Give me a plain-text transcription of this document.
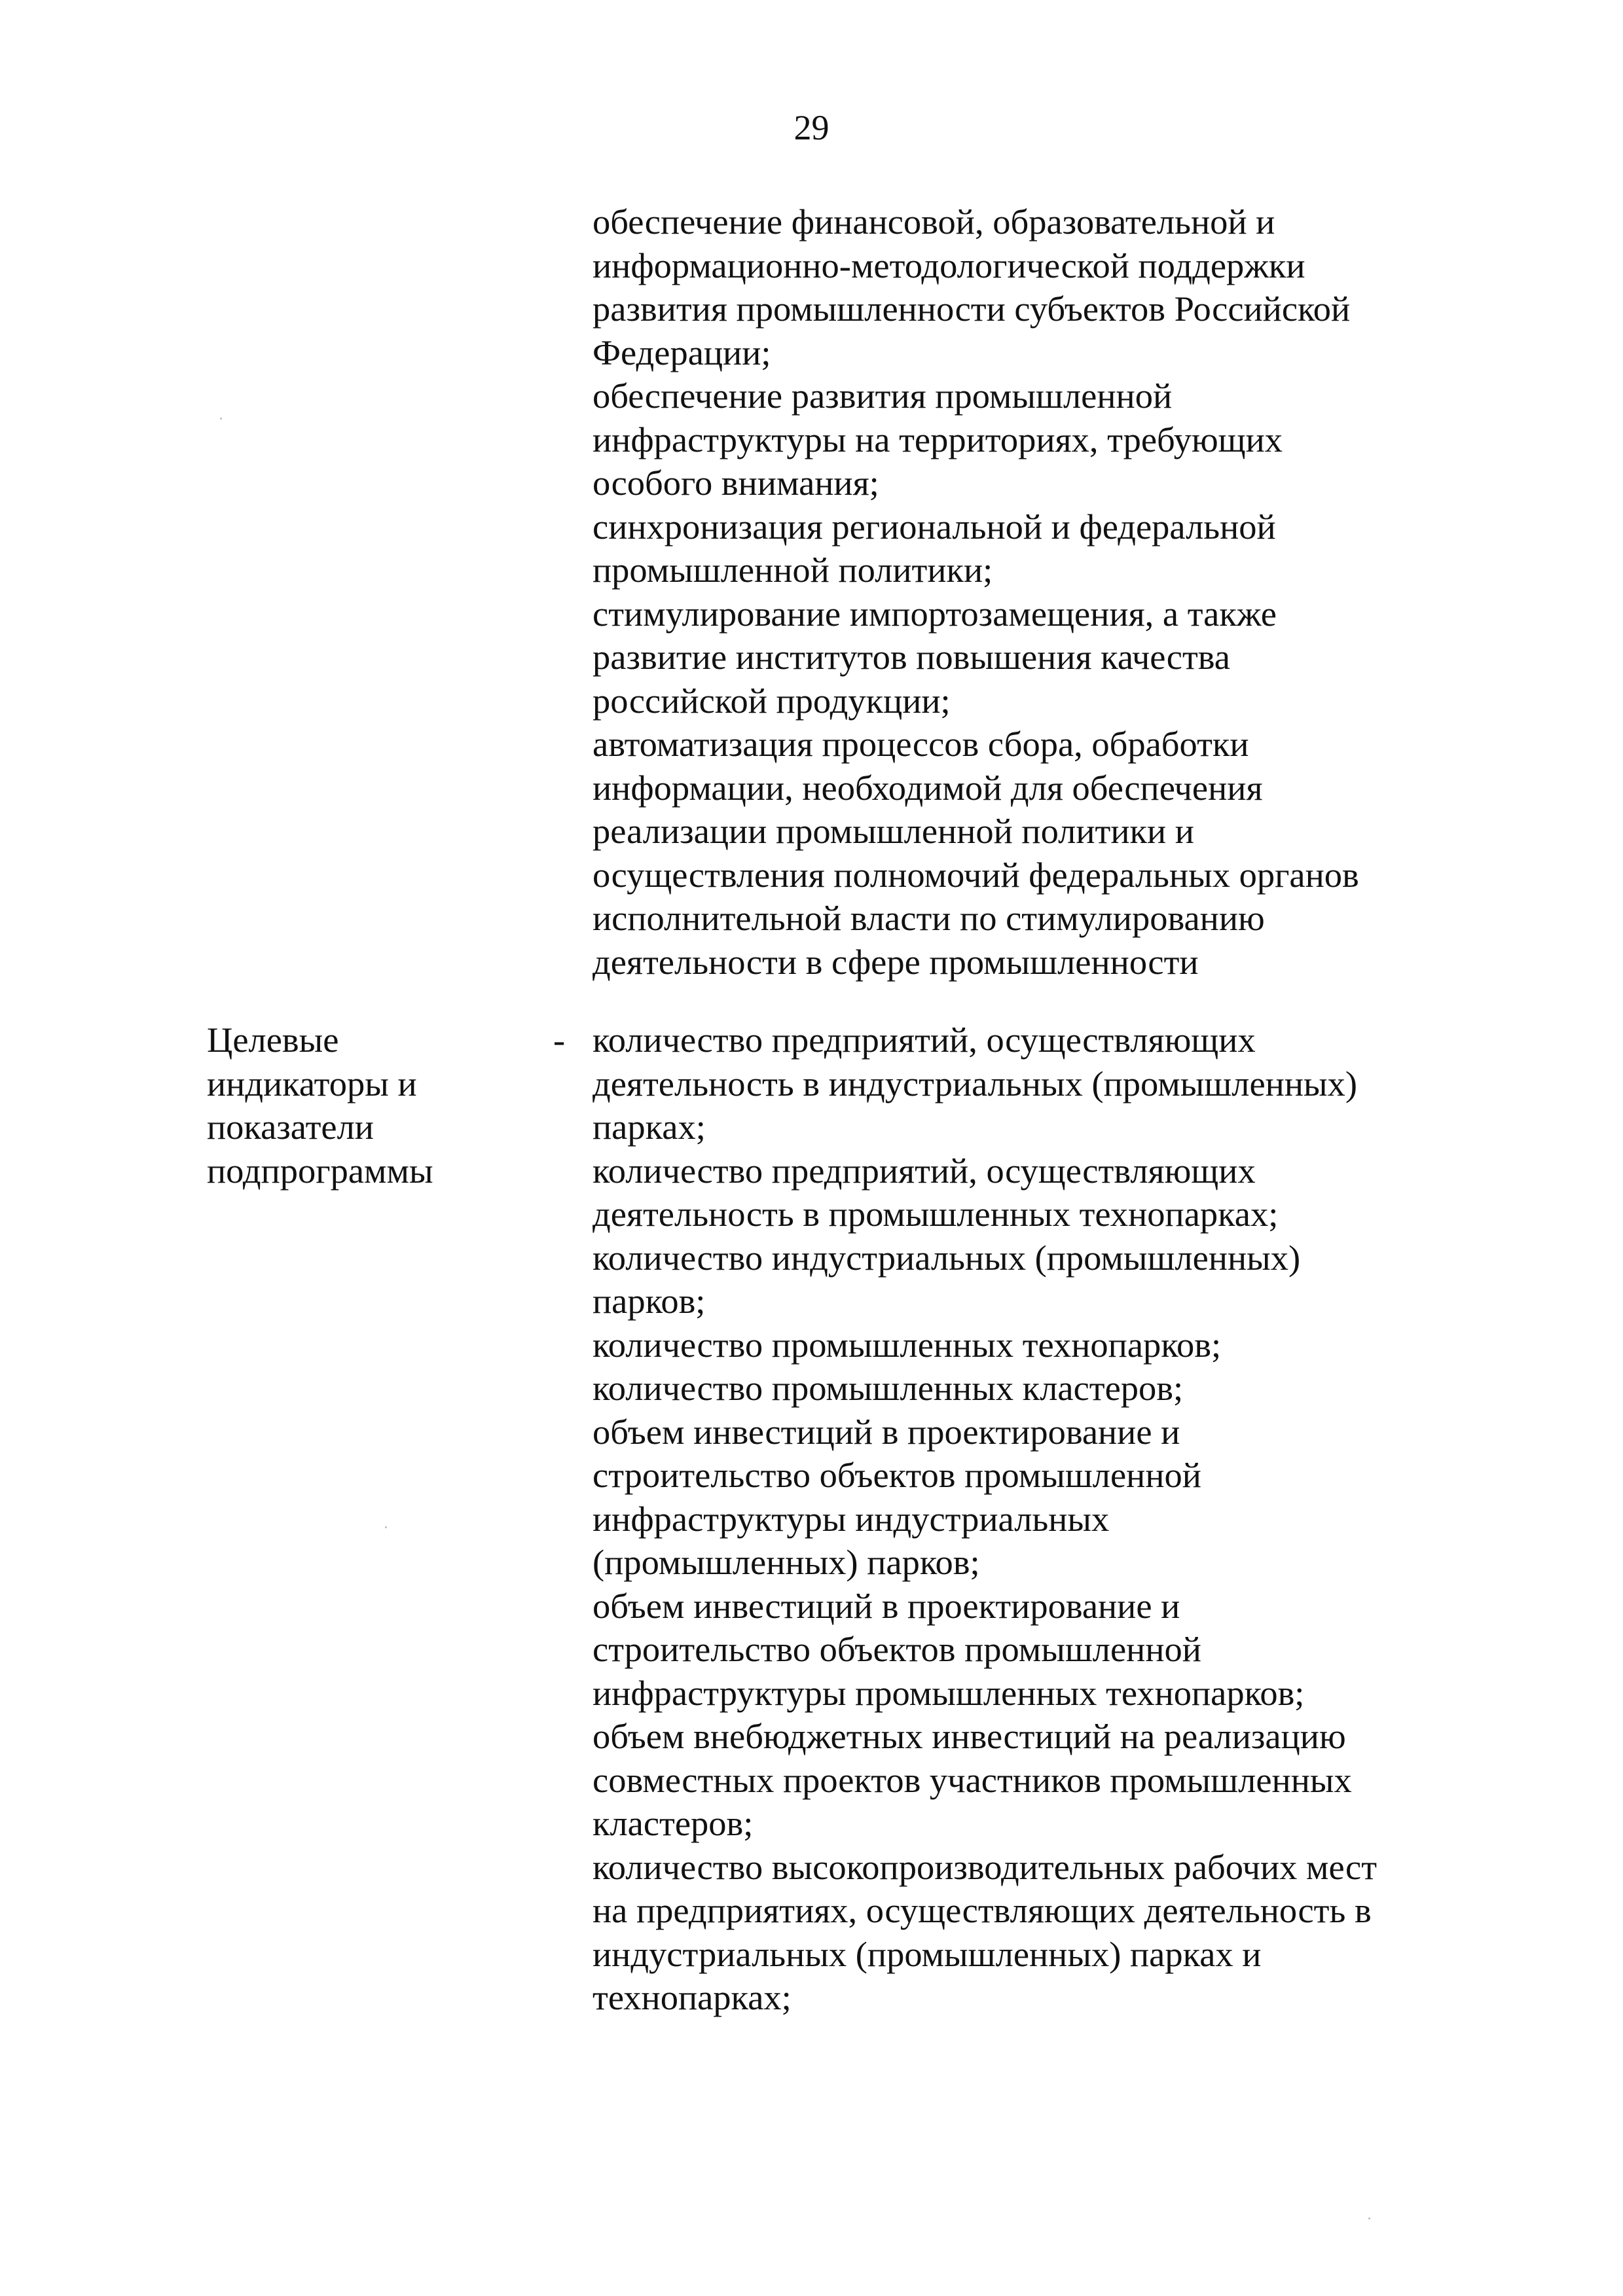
29
обеспечение финансовой, образовательной и
информационно-методологической поддержки
развития промышленности субъектов Российской
Федерации;
обеспечение развития промышленной
инфраструктуры на территориях, требующих
особого внимания;
синхронизация региональной и федеральной
промышленной политики;
стимулирование импортозамещения, а также
развитие институтов повышения качества
российской продукции;
автоматизация процессов сбора, обработки
информации, необходимой для обеспечения
реализации промышленной политики и
осуществления полномочий федеральных органов
исполнительной власти по стимулированию
деятельности в сфере промышленности
Целевые
индикаторы и
показатели
подпрограммы
- количество предприятий, осуществляющих
деятельность в индустриальных (промышленных)
парках;
количество предприятий, осуществляющих
деятельность в промышленных технопарках;
количество индустриальных (промышленных)
парков;
количество промышленных технопарков;
количество промышленных кластеров;
объем инвестиций в проектирование и
строительство объектов промышленной
инфраструктуры индустриальных
(промышленных) парков;
объем инвестиций в проектирование и
строительство объектов промышленной
инфраструктуры промышленных технопарков;
объем внебюджетных инвестиций на реализацию
совместных проектов участников промышленных
кластеров;
количество высокопроизводительных рабочих мест
на предприятиях, осуществляющих деятельность в
индустриальных (промышленных) парках и
технопарках;
